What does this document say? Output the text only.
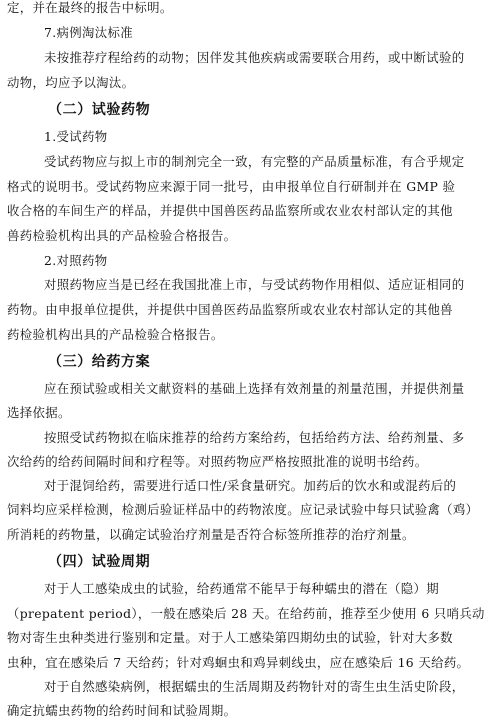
定，并在最终的报告中标明。
7.病例淘汰标准
未按推荐疗程给药的动物；因伴发其他疾病或需要联合用药，或中断试验的
动物，均应予以淘汰。
（二）试验药物
1.受试药物
受试药物应与拟上市的制剂完全一致，有完整的产品质量标准，有合乎规定
格式的说明书。受试药物应来源于同一批号，由申报单位自行研制并在 GMP 验
收合格的车间生产的样品，并提供中国兽医药品监察所或农业农村部认定的其他
兽药检验机构出具的产品检验合格报告。
2.对照药物
对照药物应当是已经在我国批准上市，与受试药物作用相似、适应证相同的
药物。由申报单位提供，并提供中国兽医药品监察所或农业农村部认定的其他兽
药检验机构出具的产品检验合格报告。
（三）给药方案
应在预试验或相关文献资料的基础上选择有效剂量的剂量范围，并提供剂量
选择依据。
按照受试药物拟在临床推荐的给药方案给药，包括给药方法、给药剂量、多
次给药的给药间隔时间和疗程等。对照药物应严格按照批准的说明书给药。
对于混饲给药，需要进行适口性/采食量研究。加药后的饮水和或混药后的
饲料均应采样检测，检测后验证样品中的药物浓度。应记录试验中每只试验禽（鸡）
所消耗的药物量，以确定试验治疗剂量是否符合标签所推荐的治疗剂量。
（四）试验周期
对于人工感染成虫的试验，给药通常不能早于每种蠕虫的潜在（隐）期
（prepatent period），一般在感染后 28 天。在给药前，推荐至少使用 6 只哨兵动
物对寄生虫种类进行鉴别和定量。对于人工感染第四期幼虫的试验，针对大多数
虫种，宜在感染后 7 天给药；针对鸡蛔虫和鸡异刺线虫，应在感染后 16 天给药。
对于自然感染病例，根据蠕虫的生活周期及药物针对的寄生虫生活史阶段，
确定抗蠕虫药物的给药时间和试验周期。
